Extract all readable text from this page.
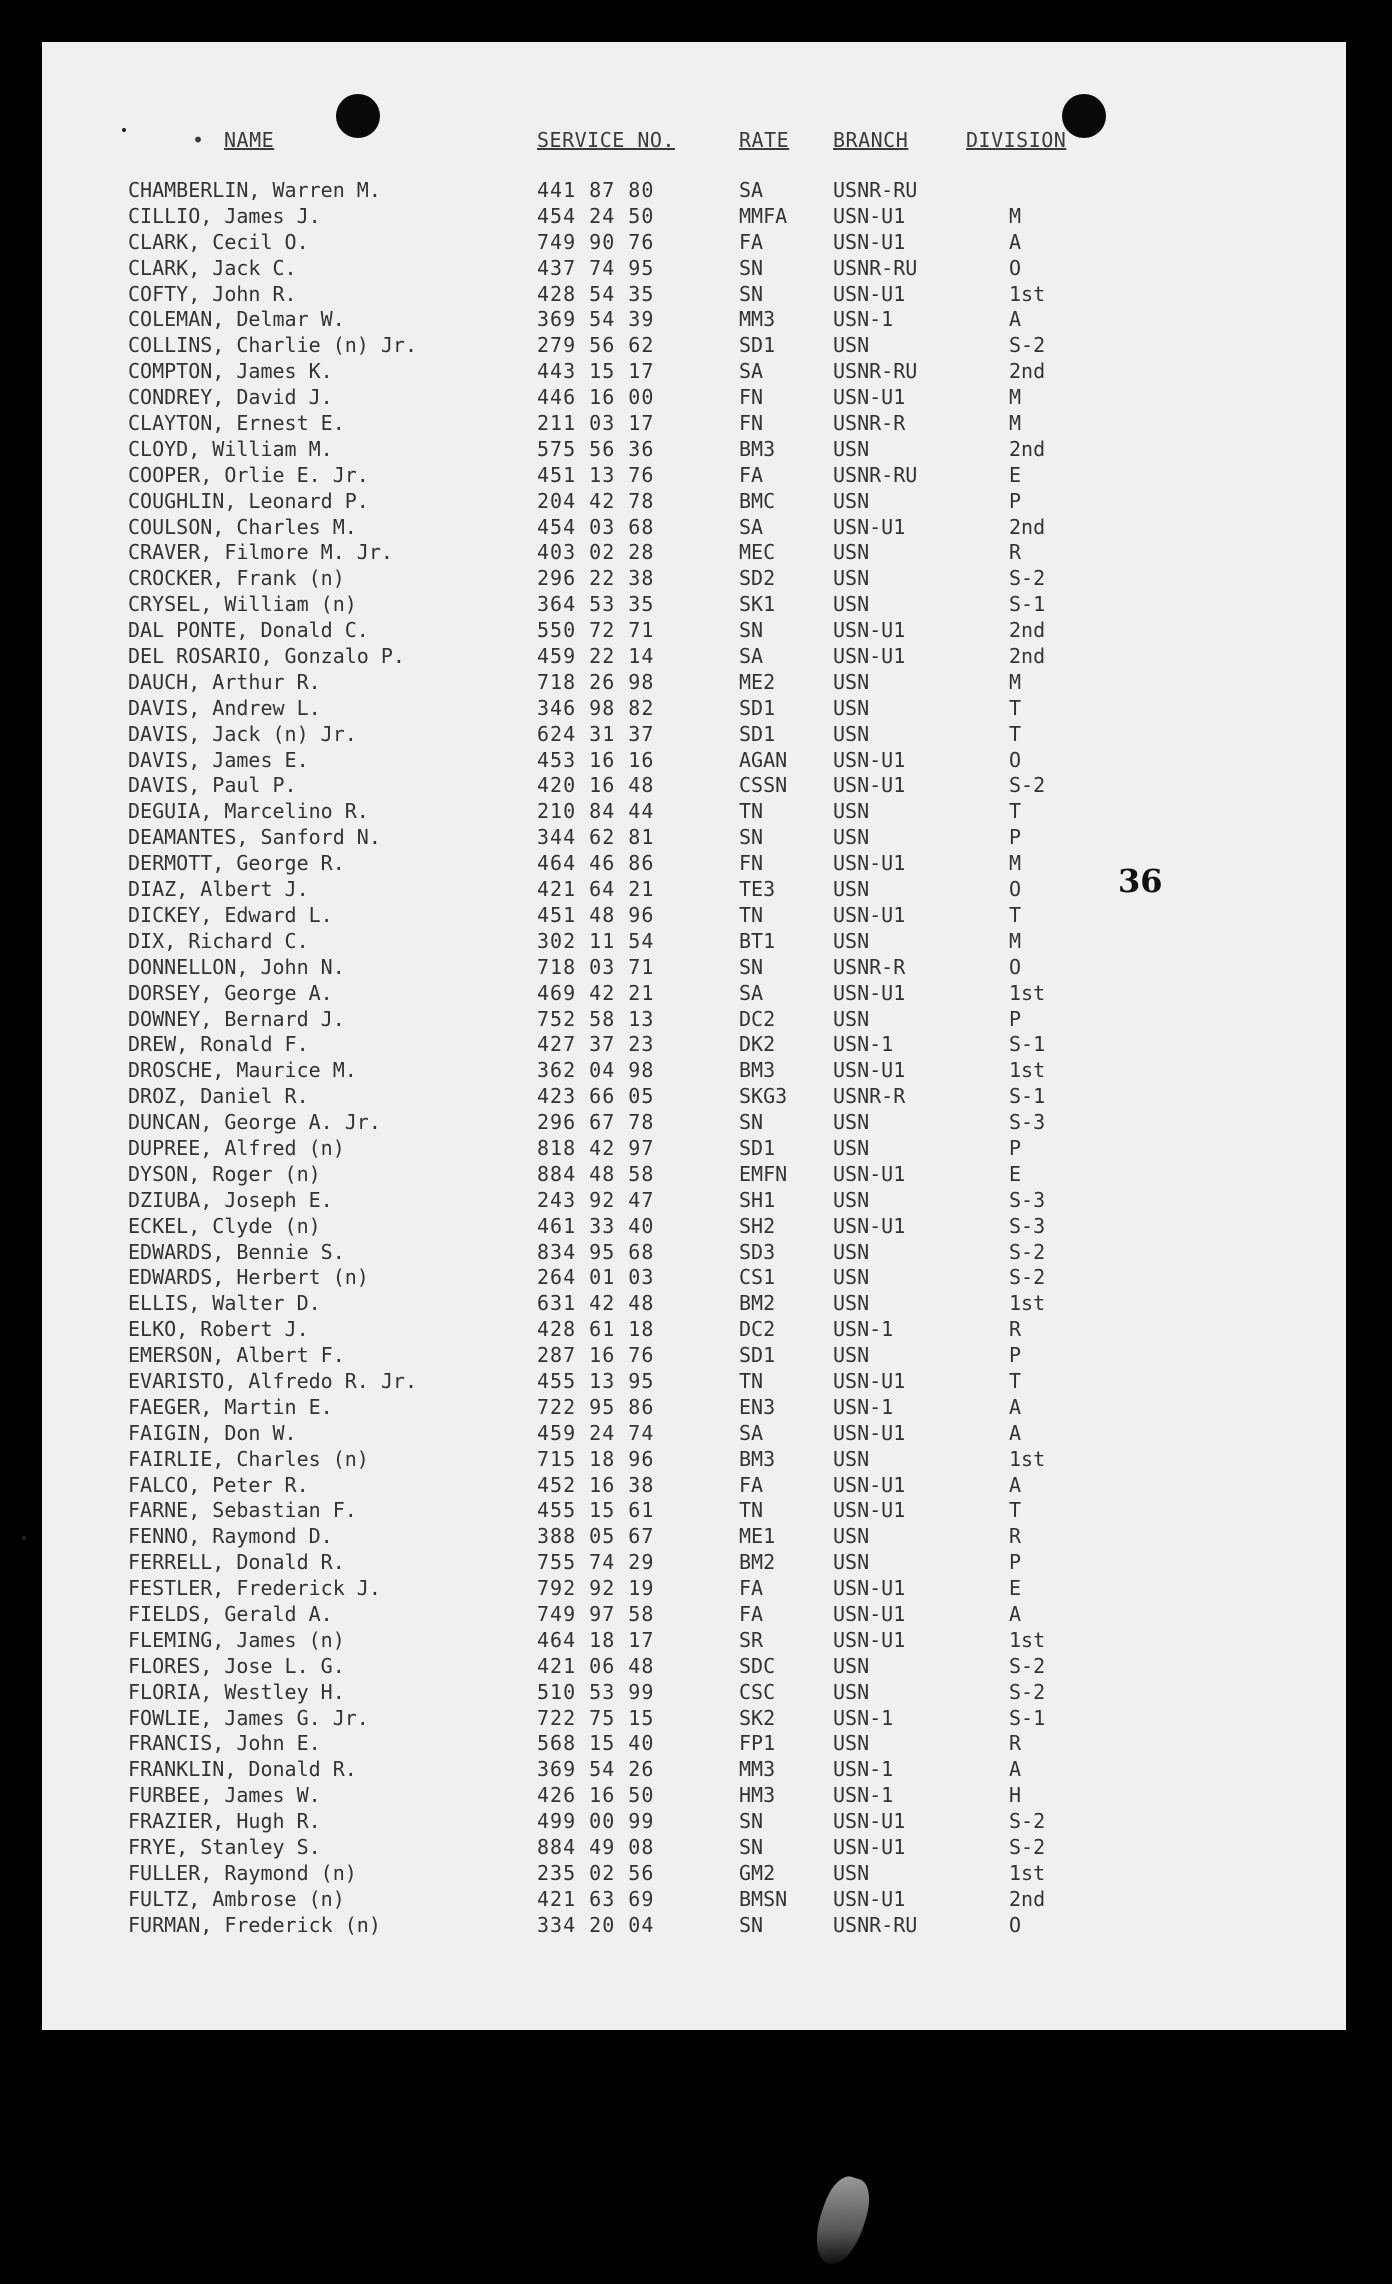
• NAME	SERVICE NO.	RATE BRANCH	DIVISION
CHAMBERLIN, Warren M.	441 87 80	SA	USNR-RU
CILLIO, James J.	454 24 50	MMFA USN-U1	M
CLARK, Cecil O.	749 90 76	FA	USN-U1	A
CLARK, Jack C.	437 74 95	SN	USNR-RU	O
COFTY, John R.	428 54 35	SN	USN-U1	1st
COLEMAN, Delmar W.	369 54 39	MM3	USN-1	A
COLLINS, Charlie (n) Jr.	279 56 62	SD1	USN	S-2
COMPTON, James K.	443 15 17	SA	USNR-RU	2nd
CONDREY, David J.	446 16 00	FN	USN-U1	M
CLAYTON, Ernest E.	211 03 17	FN	USNR-R	M
CLOYD, William M.	575 56 36	BM3	USN	2nd
COOPER, Orlie E. Jr.	451 13 76	FA	USNR-RU	E
COUGHLIN, Leonard P.	204 42 78	BMC	USN	P
COULSON, Charles M.	454 03 68	SA	USN-U1	2nd
CRAVER, Filmore M. Jr.	403 02 28	MEC	USN	R
CROCKER, Frank (n)	296 22 38	SD2	USN	S-2
CRYSEL, William (n)	364 53 35	SK1	USN	S-1
DAL PONTE, Donald C.	550 72 71	SN	USN-U1	2nd
DEL ROSARIO, Gonzalo P.	459 22 14	SA	USN-U1	2nd
DAUCH, Arthur R.	718 26 98	ME2	USN	M
DAVIS, Andrew L.	346 98 82	SD1	USN	T
DAVIS, Jack (n) Jr.	624 31 37	SD1	USN	T
DAVIS, James E.	453 16 16	AGAN USN-U1	O
DAVIS, Paul P.	420 16 48	CSSN USN-U1	S-2
DEGUIA, Marcelino R.	210 84 44	TN	USN	T
DEAMANTES, Sanford N.	344 62 81	SN	USN	P
DERMOTT, George R.	464 46 86	FN	USN-U1	M
DIAZ, Albert J.	421 64 21	TE3	USN	O
DICKEY, Edward L.	451 48 96	TN	USN-U1	T
DIX, Richard C.	302 11 54	BT1	USN	M
DONNELLON, John N.	718 03 71	SN	USNR-R	O
DORSEY, George A.	469 42 21	SA	USN-U1	1st
DOWNEY, Bernard J.	752 58 13	DC2	USN	P
DREW, Ronald F.	427 37 23	DK2	USN-1	S-1
DROSCHE, Maurice M.	362 04 98	BM3	USN-U1	1st
DROZ, Daniel R.	423 66 05	SKG3 USNR-R	S-1
DUNCAN, George A. Jr.	296 67 78	SN	USN	S-3
DUPREE, Alfred (n)	818 42 97	SD1	USN	P
DYSON, Roger (n)	884 48 58	EMFN USN-U1	E
DZIUBA, Joseph E.	243 92 47	SH1	USN	S-3
ECKEL, Clyde (n)	461 33 40	SH2	USN-U1	S-3
EDWARDS, Bennie S.	834 95 68	SD3	USN	S-2
EDWARDS, Herbert (n)	264 01 03	CS1	USN	S-2
ELLIS, Walter D.	631 42 48	BM2	USN	1st
ELKO, Robert J.	428 61 18	DC2	USN-1	R
EMERSON, Albert F.	287 16 76	SD1	USN	P
EVARISTO, Alfredo R. Jr.	455 13 95	TN	USN-U1	T
FAEGER, Martin E.	722 95 86	EN3	USN-1	A
FAIGIN, Don W.	459 24 74	SA	USN-U1	A
FAIRLIE, Charles (n)	715 18 96	BM3	USN	1st
FALCO, Peter R.	452 16 38	FA	USN-U1	A
FARNE, Sebastian F.	455 15 61	TN	USN-U1	T
FENNO, Raymond D.	388 05 67	ME1	USN	R
FERRELL, Donald R.	755 74 29	BM2	USN	P
FESTLER, Frederick J.	792 92 19	FA	USN-U1	E
FIELDS, Gerald A.	749 97 58	FA	USN-U1	A
FLEMING, James (n)	464 18 17	SR	USN-U1	1st
FLORES, Jose L. G.	421 06 48	SDC	USN	S-2
FLORIA, Westley H.	510 53 99	CSC	USN	S-2
FOWLIE, James G. Jr.	722 75 15	SK2	USN-1	S-1
FRANCIS, John E.	568 15 40	FP1	USN	R
FRANKLIN, Donald R.	369 54 26	MM3	USN-1	A
FURBEE, James W.	426 16 50	HM3	USN-1	H
FRAZIER, Hugh R.	499 00 99	SN	USN-U1	S-2
FRYE, Stanley S.	884 49 08	SN	USN-U1	S-2
FULLER, Raymond (n)	235 02 56	GM2	USN	1st
FULTZ, Ambrose (n)	421 63 69	BMSN USN-U1	2nd
FURMAN, Frederick (n)	334 20 04	SN	USNR-RU	O
36
